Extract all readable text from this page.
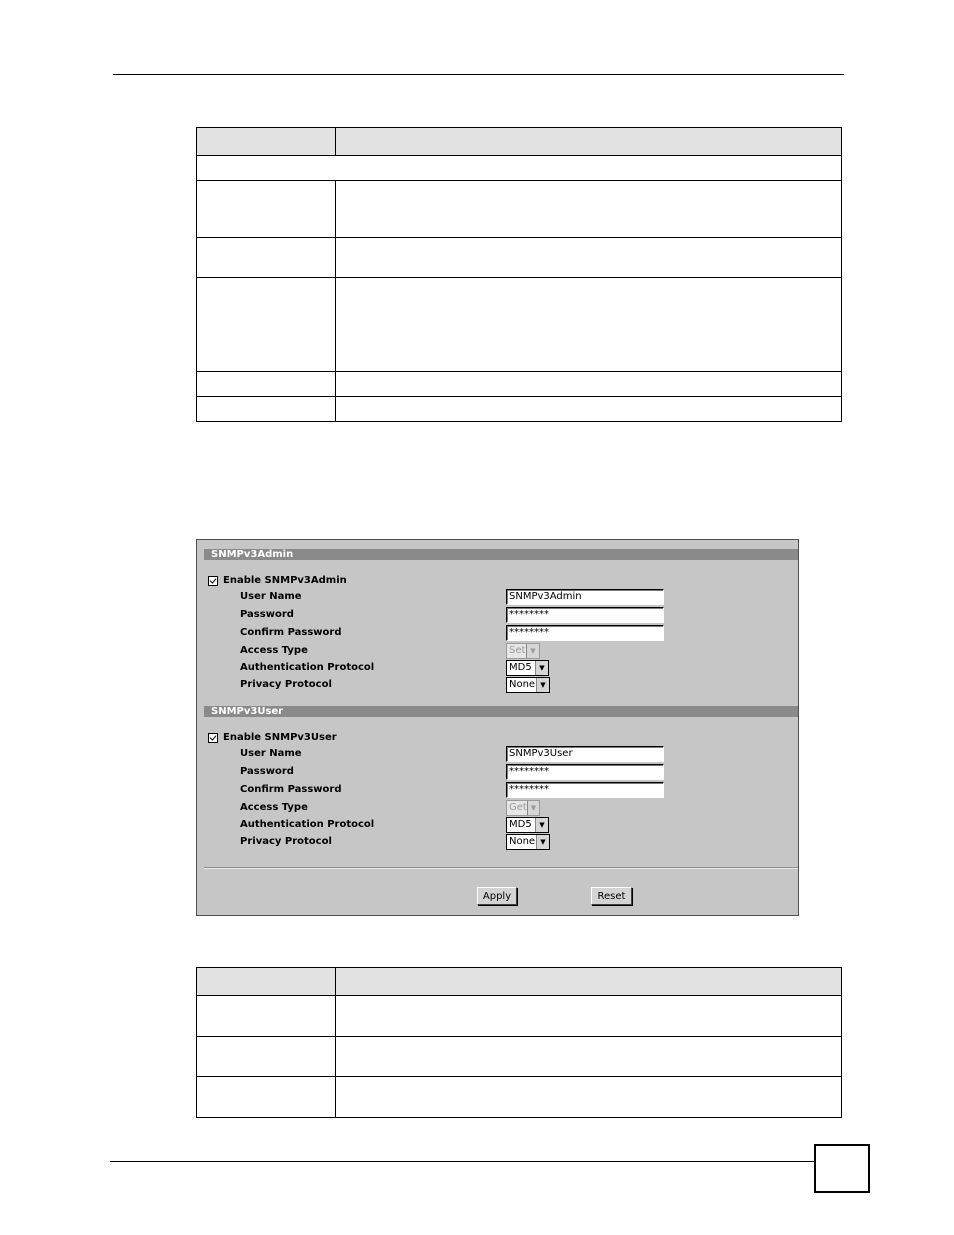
SNMPv3Admin
Enable SNMPv3Admin
User Name	SNMPv3Admin
Password	********
Confirm Password	********
Access Type	Set ▼
Authentication Protocol	MD5	▼
Privacy Protocol	None ▼
SNMPv3User
Enable SNMPv3User
User Name	SNMPv3User
Password	********
Confirm Password	********
Access Type	Get ▼
Authentication Protocol	MD5	▼
Privacy Protocol	None ▼
Apply	Reset
